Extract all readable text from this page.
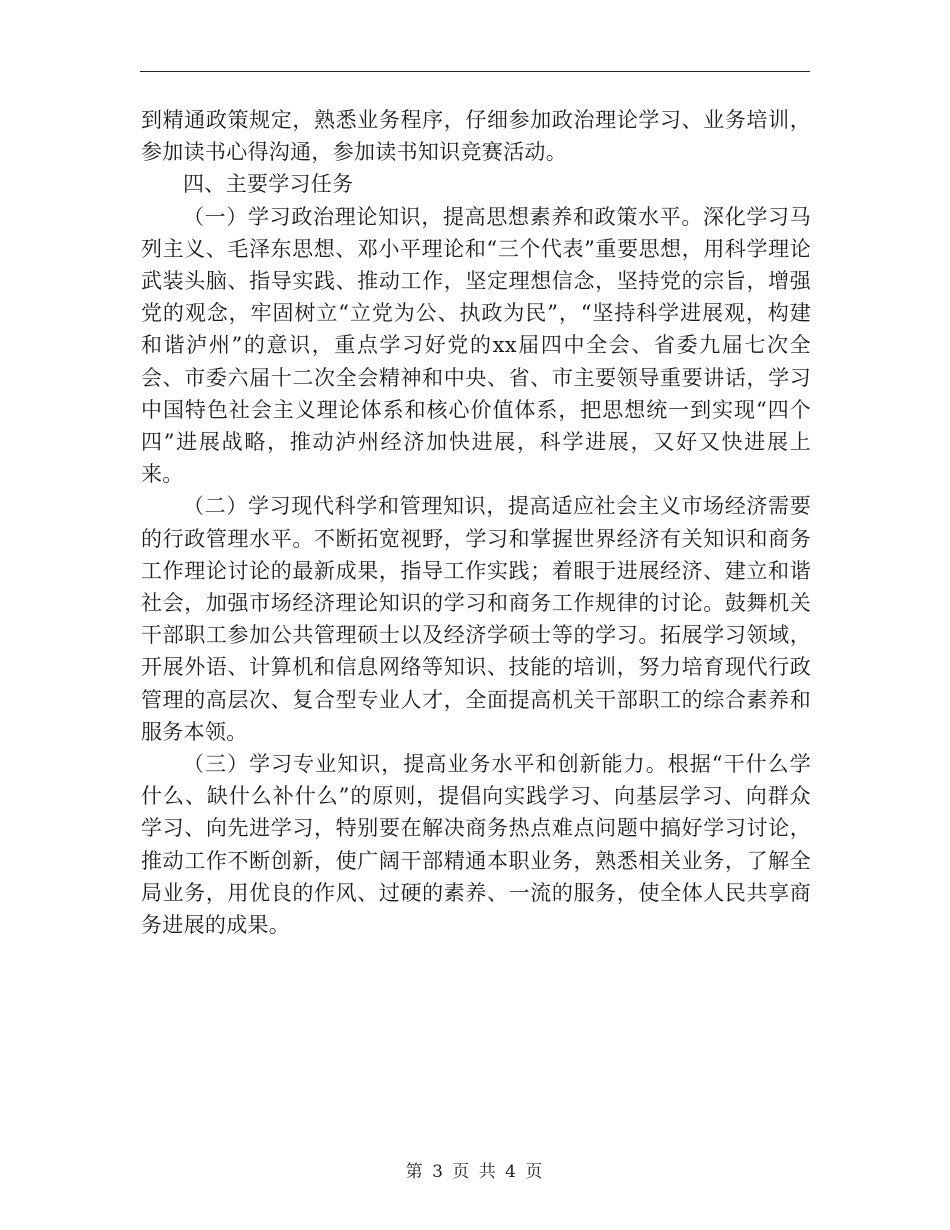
到精通政策规定，熟悉业务程序，仔细参加政治理论学习、业务培训，参加读书心得沟通，参加读书知识竞赛活动。

四、主要学习任务

（一）学习政治理论知识，提高思想素养和政策水平。深化学习马列主义、毛泽东思想、邓小平理论和“三个代表”重要思想，用科学理论武装头脑、指导实践、推动工作，坚定理想信念，坚持党的宗旨，增强党的观念，牢固树立“立党为公、执政为民”，“坚持科学进展观，构建和谐泸州”的意识，重点学习好党的xx届四中全会、省委九届七次全会、市委六届十二次全会精神和中央、省、市主要领导重要讲话，学习中国特色社会主义理论体系和核心价值体系，把思想统一到实现“四个四”进展战略，推动泸州经济加快进展，科学进展，又好又快进展上来。

（二）学习现代科学和管理知识，提高适应社会主义市场经济需要的行政管理水平。不断拓宽视野，学习和掌握世界经济有关知识和商务工作理论讨论的最新成果，指导工作实践；着眼于进展经济、建立和谐社会，加强市场经济理论知识的学习和商务工作规律的讨论。鼓舞机关干部职工参加公共管理硕士以及经济学硕士等的学习。拓展学习领域，开展外语、计算机和信息网络等知识、技能的培训，努力培育现代行政管理的高层次、复合型专业人才，全面提高机关干部职工的综合素养和服务本领。

（三）学习专业知识，提高业务水平和创新能力。根据“干什么学什么、缺什么补什么”的原则，提倡向实践学习、向基层学习、向群众学习、向先进学习，特别要在解决商务热点难点问题中搞好学习讨论，推动工作不断创新，使广阔干部精通本职业务，熟悉相关业务，了解全局业务，用优良的作风、过硬的素养、一流的服务，使全体人民共享商务进展的成果。

第 3 页 共 4 页
